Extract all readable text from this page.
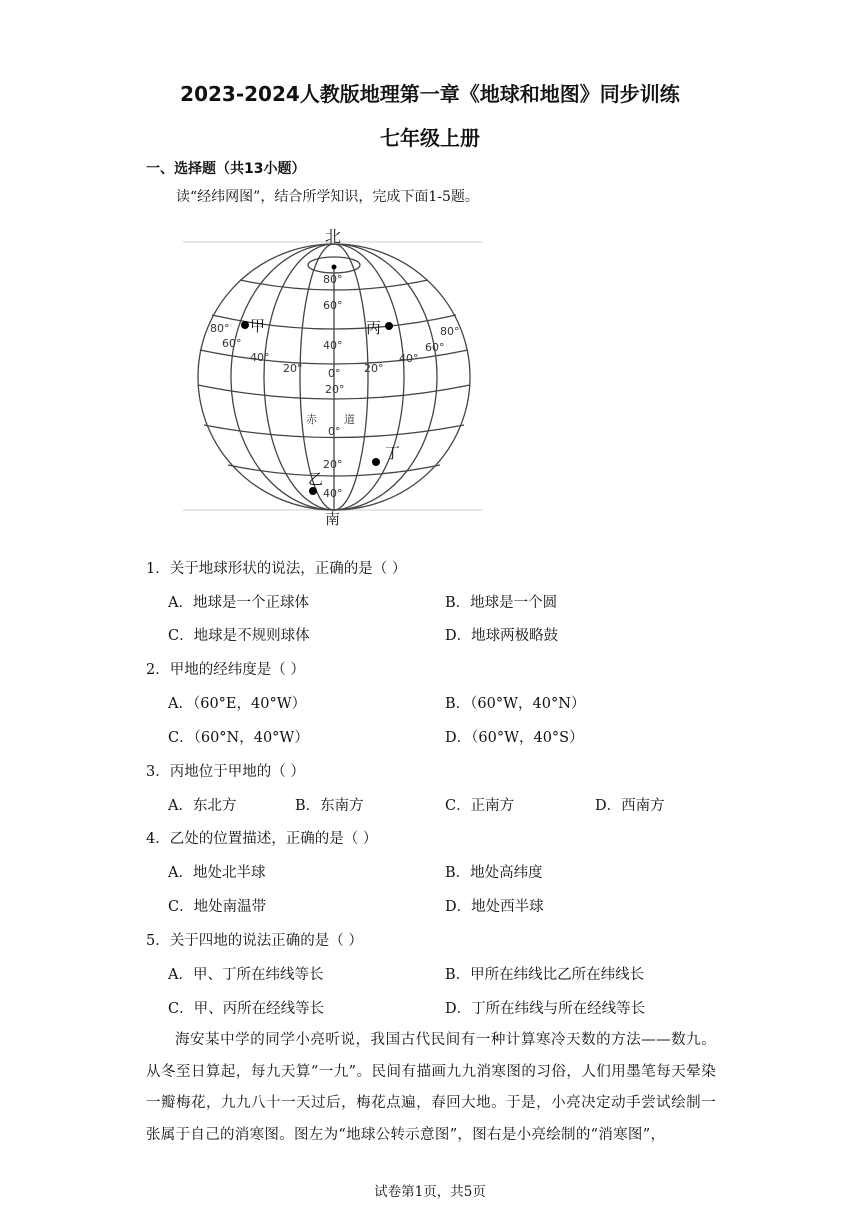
2023-2024人教版地理第一章《地球和地图》同步训练
七年级上册
一、选择题（共13小题）
读“经纬网图”，结合所学知识，完成下面1-5题。
北
南
甲	丙
丁
乙
赤 道
80°
60°
40°
0°
20°
0°
20°
40°
80°
60°
40°
20°	20°
40°
60°
80°
1．关于地球形状的说法，正确的是（ ）
A．地球是一个正球体	B．地球是一个圆
C．地球是不规则球体	D．地球两极略鼓
2．甲地的经纬度是（ ）
A．（60°E，40°W）	B．（60°W，40°N）
C．（60°N，40°W）	D．（60°W，40°S）
3．丙地位于甲地的（ ）
A．东北方	B．东南方	C．正南方	D．西南方
4．乙处的位置描述，正确的是（ ）
A．地处北半球	B．地处高纬度
C．地处南温带	D．地处西半球
5．关于四地的说法正确的是（ ）
A．甲、丁所在纬线等长	B．甲所在纬线比乙所在纬线长
C．甲、丙所在经线等长	D．丁所在纬线与所在经线等长
海安某中学的同学小亮听说，我国古代民间有一种计算寒冷天数的方法——数九。从冬至日算起，每九天算“一九”。民间有描画九九消寒图的习俗，人们用墨笔每天晕染一瓣梅花，九九八十一天过后，梅花点遍，春回大地。于是，小亮决定动手尝试绘制一张属于自己的消寒图。图左为“地球公转示意图”，图右是小亮绘制的“消寒图”，
试卷第1页，共5页
